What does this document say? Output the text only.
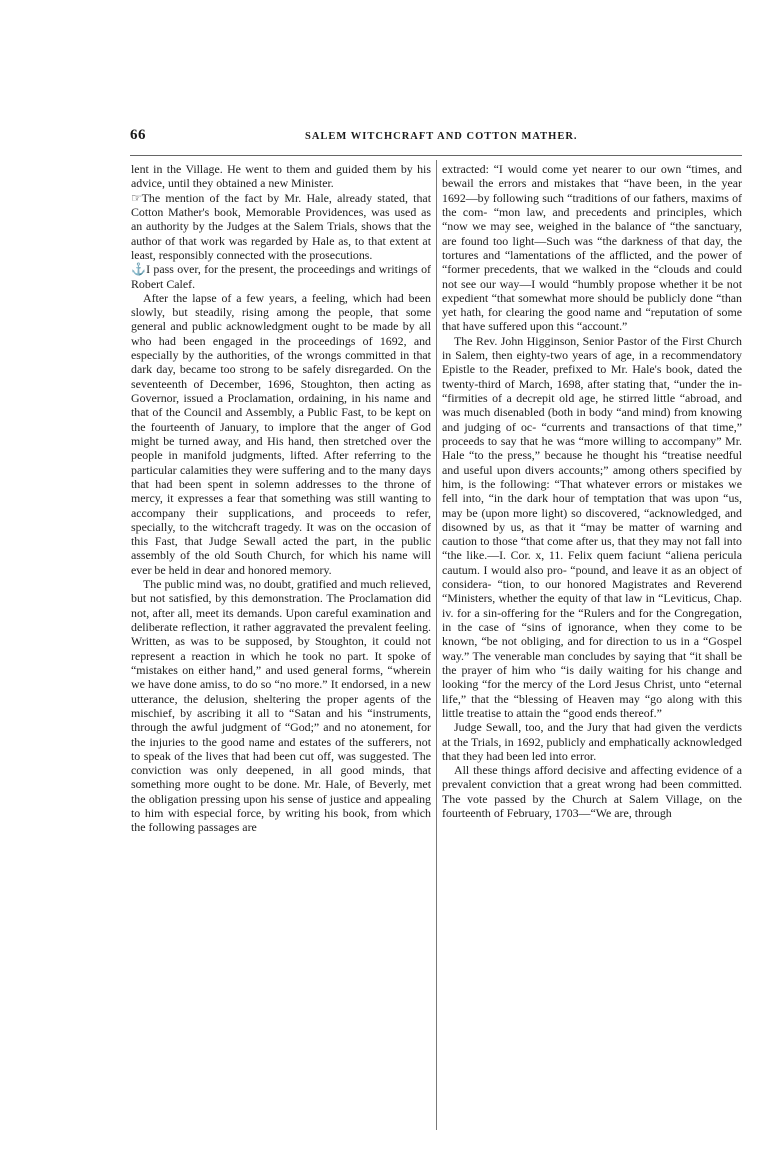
66	SALEM WITCHCRAFT AND COTTON MATHER.

lent in the Village. He went to them and guided them by his advice, until they obtained a new Minister.

☞The mention of the fact by Mr. Hale, already stated, that Cotton Mather's book, Memorable Providences, was used as an authority by the Judges at the Salem Trials, shows that the author of that work was regarded by Hale as, to that extent at least, responsibly connected with the prosecutions.

⚓I pass over, for the present, the proceedings and writings of Robert Calef.

After the lapse of a few years, a feeling, which had been slowly, but steadily, rising among the people, that some general and public acknowledgment ought to be made by all who had been engaged in the proceedings of 1692, and especially by the authorities, of the wrongs committed in that dark day, became too strong to be safely disregarded. On the seventeenth of December, 1696, Stoughton, then acting as Governor, issued a Proclamation, ordaining, in his name and that of the Council and Assembly, a Public Fast, to be kept on the fourteenth of January, to implore that the anger of God might be turned away, and His hand, then stretched over the people in manifold judgments, lifted. After referring to the particular calamities they were suffering and to the many days that had been spent in solemn addresses to the throne of mercy, it expresses a fear that something was still wanting to accompany their supplications, and proceeds to refer, specially, to the witchcraft tragedy. It was on the occasion of this Fast, that Judge Sewall acted the part, in the public assembly of the old South Church, for which his name will ever be held in dear and honored memory.

The public mind was, no doubt, gratified and much relieved, but not satisfied, by this demonstration. The Proclamation did not, after all, meet its demands. Upon careful examination and deliberate reflection, it rather aggravated the prevalent feeling. Written, as was to be supposed, by Stoughton, it could not represent a reaction in which he took no part. It spoke of “mistakes on either hand,” and used general forms, “wherein we have done amiss, to do so “no more.” It endorsed, in a new utterance, the delusion, sheltering the proper agents of the mischief, by ascribing it all to “Satan and his “instruments, through the awful judgment of “God;” and no atonement, for the injuries to the good name and estates of the sufferers, not to speak of the lives that had been cut off, was suggested. The conviction was only deepened, in all good minds, that something more ought to be done. Mr. Hale, of Beverly, met the obligation pressing upon his sense of justice and appealing to him with especial force, by writing his book, from which the following passages are

extracted: “I would come yet nearer to our own “times, and bewail the errors and mistakes that “have been, in the year 1692—by following such “traditions of our fathers, maxims of the com- “mon law, and precedents and principles, which “now we may see, weighed in the balance of “the sanctuary, are found too light—Such was “the darkness of that day, the tortures and “lamentations of the afflicted, and the power of “former precedents, that we walked in the “clouds and could not see our way—I would “humbly propose whether it be not expedient “that somewhat more should be publicly done “than yet hath, for clearing the good name and “reputation of some that have suffered upon this “account.”

The Rev. John Higginson, Senior Pastor of the First Church in Salem, then eighty-two years of age, in a recommendatory Epistle to the Reader, prefixed to Mr. Hale's book, dated the twenty-third of March, 1698, after stating that, “under the in- “firmities of a decrepit old age, he stirred little “abroad, and was much disenabled (both in body “and mind) from knowing and judging of oc- “currents and transactions of that time,” proceeds to say that he was “more willing to accompany” Mr. Hale “to the press,” because he thought his “treatise needful and useful upon divers accounts;” among others specified by him, is the following: “That whatever errors or mistakes we fell into, “in the dark hour of temptation that was upon “us, may be (upon more light) so discovered, “acknowledged, and disowned by us, as that it “may be matter of warning and caution to those “that come after us, that they may not fall into “the like.—I. Cor. x, 11. Felix quem faciunt “aliena pericula cautum. I would also pro- “pound, and leave it as an object of considera- “tion, to our honored Magistrates and Reverend “Ministers, whether the equity of that law in “Leviticus, Chap. iv. for a sin-offering for the “Rulers and for the Congregation, in the case of “sins of ignorance, when they come to be known, “be not obliging, and for direction to us in a “Gospel way.” The venerable man concludes by saying that “it shall be the prayer of him who “is daily waiting for his change and looking “for the mercy of the Lord Jesus Christ, unto “eternal life,” that the “blessing of Heaven may “go along with this little treatise to attain the “good ends thereof.”

Judge Sewall, too, and the Jury that had given the verdicts at the Trials, in 1692, publicly and emphatically acknowledged that they had been led into error.

All these things afford decisive and affecting evidence of a prevalent conviction that a great wrong had been committed. The vote passed by the Church at Salem Village, on the fourteenth of February, 1703—“We are, through
